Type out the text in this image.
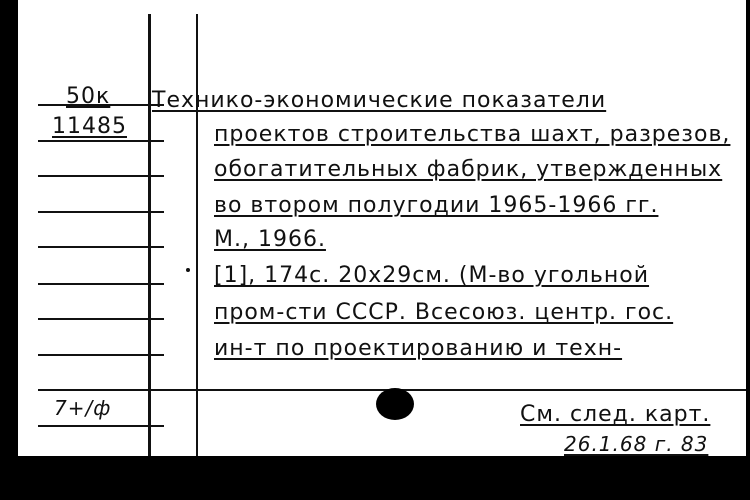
50к
11485
7+/ф
Технико-экономические показатели
проектов строительства шахт, разрезов,
обогатительных фабрик, утвержденных
во втором полугодии 1965-1966 гг.
М., 1966.
[1], 174с. 20x29см. (М-во угольной
пром-сти СССР. Всесоюз. центр. гос.
ин-т по проектированию и техн-
См. след. карт.
26.1.68 г. 83
